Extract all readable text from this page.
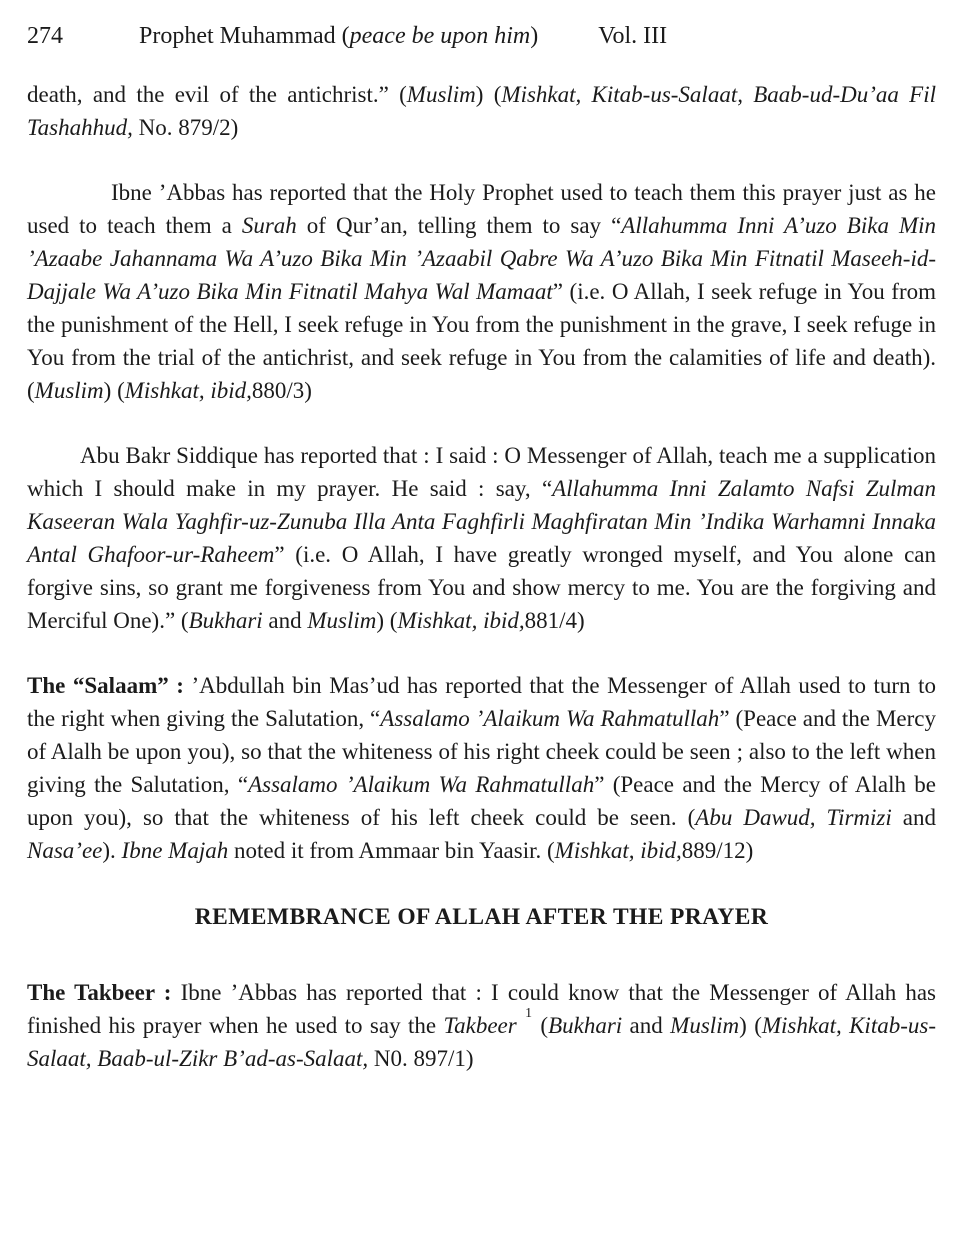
274	Prophet Muhammad (peace be upon him)	Vol. III

death, and the evil of the antichrist.” (Muslim) (Mishkat, Kitab-us-Salaat, Baab-ud-Du’aa Fil Tashahhud, No. 879/2)

Ibne ’Abbas has reported that the Holy Prophet used to teach them this prayer just as he used to teach them a Surah of Qur’an, telling them to say “Allahumma Inni A’uzo Bika Min ’Azaabe Jahannama Wa A’uzo Bika Min ’Azaabil Qabre Wa A’uzo Bika Min Fitnatil Maseeh-id-Dajjale Wa A’uzo Bika Min Fitnatil Mahya Wal Mamaat” (i.e. O Allah, I seek refuge in You from the punishment of the Hell, I seek refuge in You from the punishment in the grave, I seek refuge in You from the trial of the antichrist, and seek refuge in You from the calamities of life and death). (Muslim) (Mishkat, ibid,880/3)

Abu Bakr Siddique has reported that : I said : O Messenger of Allah, teach me a supplication which I should make in my prayer. He said : say, “Allahumma Inni Zalamto Nafsi Zulman Kaseeran Wala Yaghfir-uz-Zunuba Illa Anta Faghfirli Maghfiratan Min ’Indika Warhamni Innaka Antal Ghafoor-ur-Raheem” (i.e. O Allah, I have greatly wronged myself, and You alone can forgive sins, so grant me forgiveness from You and show mercy to me. You are the forgiving and Merciful One).” (Bukhari and Muslim) (Mishkat, ibid,881/4)

The “Salaam” : ’Abdullah bin Mas’ud has reported that the Messenger of Allah used to turn to the right when giving the Salutation, “Assalamo ’Alaikum Wa Rahmatullah” (Peace and the Mercy of Alalh be upon you), so that the whiteness of his right cheek could be seen ; also to the left when giving the Salutation, “Assalamo ’Alaikum Wa Rahmatullah” (Peace and the Mercy of Alalh be upon you), so that the whiteness of his left cheek could be seen. (Abu Dawud, Tirmizi and Nasa’ee). Ibne Majah noted it from Ammaar bin Yaasir. (Mishkat, ibid,889/12)

REMEMBRANCE OF ALLAH AFTER THE PRAYER

The Takbeer : Ibne ’Abbas has reported that : I could know that the Messenger of Allah has finished his prayer when he used to say the Takbeer $^1$ (Bukhari and Muslim) (Mishkat, Kitab-us-Salaat, Baab-ul-Zikr B’ad-as-Salaat, N0. 897/1)
